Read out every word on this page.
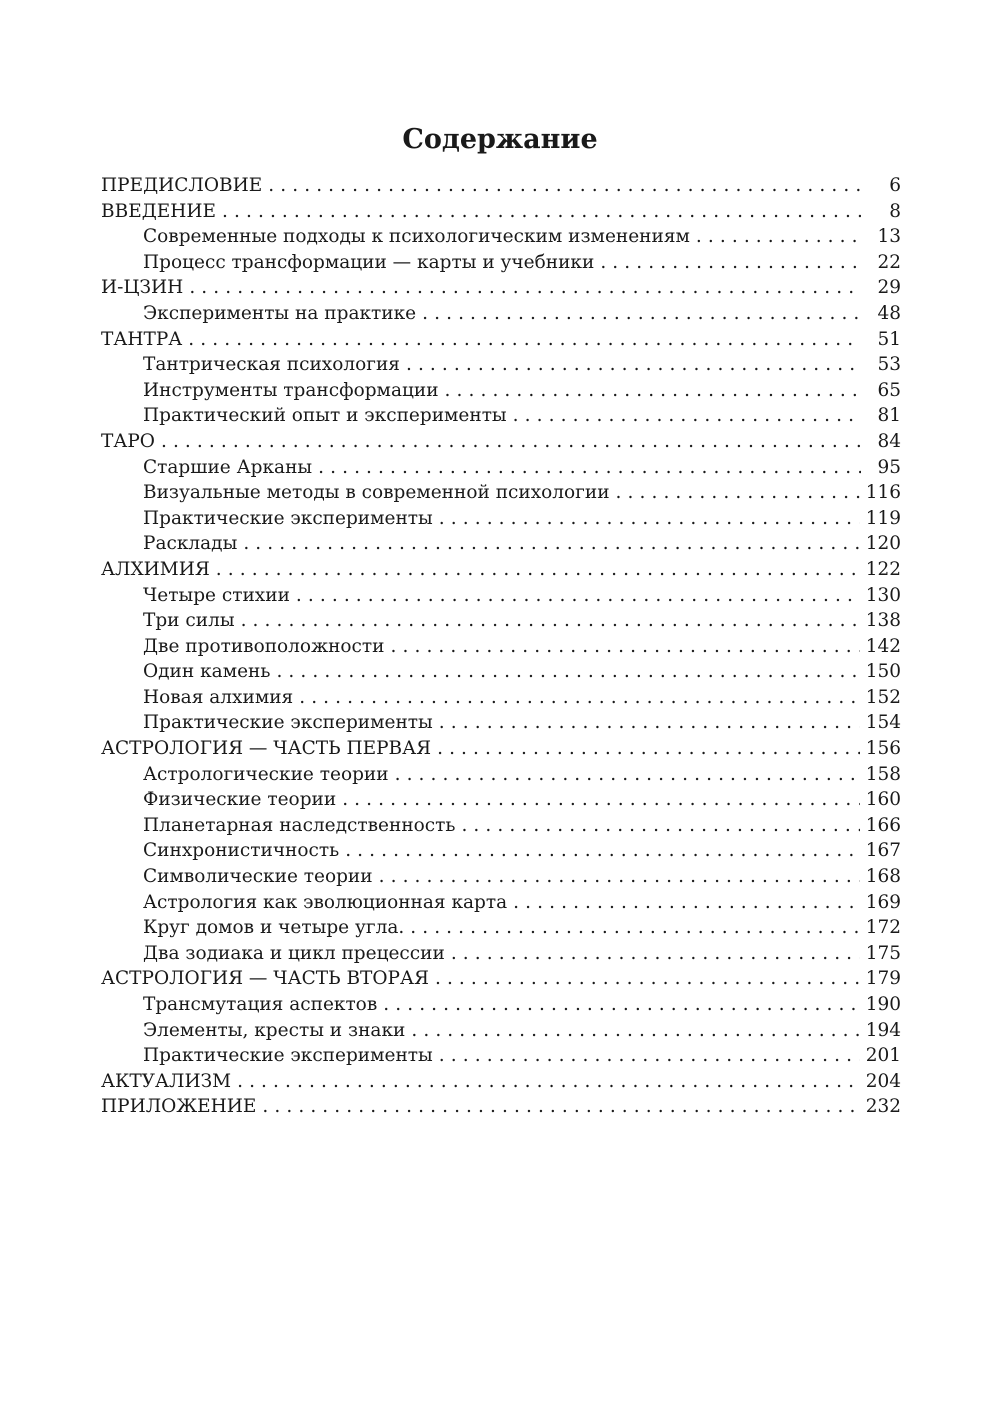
Содержание
ПРЕДИСЛОВИЕ .....	6
ВВЕДЕНИЕ .....	8
Современные подходы к психологическим изменениям .....	13
Процесс трансформации — карты и учебники .....	22
И-ЦЗИН .....	29
Эксперименты на практике .....	48
ТАНТРА .....	51
Тантрическая психология .....	53
Инструменты трансформации .....	65
Практический опыт и эксперименты .....	81
ТАРО .....	84
Старшие Арканы .....	95
Визуальные методы в современной психологии .....	116
Практические эксперименты .....	119
Расклады .....	120
АЛХИМИЯ .....	122
Четыре стихии .....	130
Три силы .....	138
Две противоположности .....	142
Один камень .....	150
Новая алхимия .....	152
Практические эксперименты .....	154
АСТРОЛОГИЯ — ЧАСТЬ ПЕРВАЯ .....	156
Астрологические теории .....	158
Физические теории .....	160
Планетарная наследственность .....	166
Синхронистичность .....	167
Символические теории .....	168
Астрология как эволюционная карта .....	169
Круг домов и четыре угла. .....	172
Два зодиака и цикл прецессии .....	175
АСТРОЛОГИЯ — ЧАСТЬ ВТОРАЯ .....	179
Трансмутация аспектов .....	190
Элементы, кресты и знаки .....	194
Практические эксперименты .....	201
АКТУАЛИЗМ .....	204
ПРИЛОЖЕНИЕ .....	232
